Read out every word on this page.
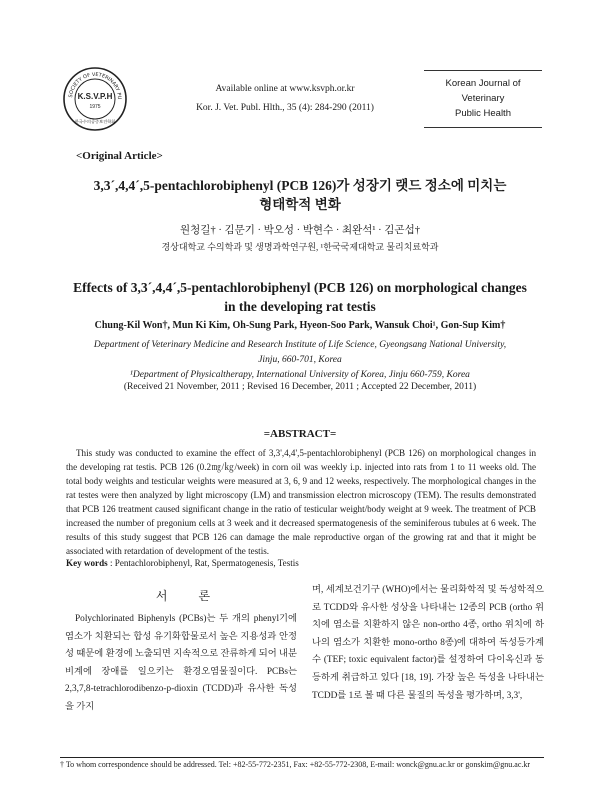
SOCIETY OF VETERINARY PU
K.S.V.P.H
1975
한국수의공중보건학회
Available online at www.ksvph.or.kr
Kor. J. Vet. Publ. Hlth., 35 (4): 284-290 (2011)
Korean Journal of
Veterinary
Public Health
<Original Article>
3,3´,4,4´,5-pentachlorobiphenyl (PCB 126)가 성장기 랫드 정소에 미치는
형태학적 변화
원청길† · 김문기 · 박오성 · 박현수 · 최완석¹ · 김곤섭†
경상대학교 수의학과 및 생명과학연구원, ¹한국국제대학교 물리치료학과
Effects of 3,3´,4,4´,5-pentachlorobiphenyl (PCB 126) on morphological changes
in the developing rat testis
Chung-Kil Won†, Mun Ki Kim, Oh-Sung Park, Hyeon-Soo Park, Wansuk Choi¹, Gon-Sup Kim†
Department of Veterinary Medicine and Research Institute of Life Science, Gyeongsang National University,
Jinju, 660-701, Korea
¹Department of Physicaltherapy, International University of Korea, Jinju 660-759, Korea
(Received 21 November, 2011 ; Revised 16 December, 2011 ; Accepted 22 December, 2011)
=ABSTRACT=
This study was conducted to examine the effect of 3,3',4,4',5-pentachlorobiphenyl (PCB 126) on morphological changes in the developing rat testis. PCB 126 (0.2㎎/㎏/week) in corn oil was weekly i.p. injected into rats from 1 to 11 weeks old. The total body weights and testicular weights were measured at 3, 6, 9 and 12 weeks, respectively. The morphological changes in the rat testes were then analyzed by light microscopy (LM) and transmission electron microscopy (TEM). The results demonstrated that PCB 126 treatment caused significant change in the ratio of testicular weight/body weight at 9 week. The treatment of PCB increased the number of pregonium cells at 3 week and it decreased spermatogenesis of the seminiferous tubules at 6 week. The results of this study suggest that PCB 126 can damage the male reproductive organ of the growing rat and that it might be associated with retardation of development of the testis.
Key words : Pentachlorobiphenyl, Rat, Spermatogenesis, Testis
서 론
Polychlorinated Biphenyls (PCBs)는 두 개의 phenyl기에 염소가 치환되는 합성 유기화합물로서 높은 지용성과 안정성 때문에 환경에 노출되면 지속적으로 잔류하게 되어 내분비계에 장애를 일으키는 환경오염물질이다. PCBs는 2,3,7,8-tetrachlorodibenzo-p-dioxin (TCDD)과 유사한 독성을 가지
며, 세계보건기구 (WHO)에서는 물리화학적 및 독성학적으로 TCDD와 유사한 성상을 나타내는 12종의 PCB (ortho 위치에 염소를 치환하지 않은 non-ortho 4종, ortho 위치에 하나의 염소가 치환한 mono-ortho 8종)에 대하여 독성등가계수 (TEF; toxic equivalent factor)를 설정하여 다이옥신과 동등하게 취급하고 있다 [18, 19]. 가장 높은 독성을 나타내는 TCDD를 1로 볼 때 다른 물질의 독성을 평가하며, 3,3',
† To whom correspondence should be addressed. Tel: +82-55-772-2351, Fax: +82-55-772-2308, E-mail: wonck@gnu.ac.kr or gonskim@gnu.ac.kr
